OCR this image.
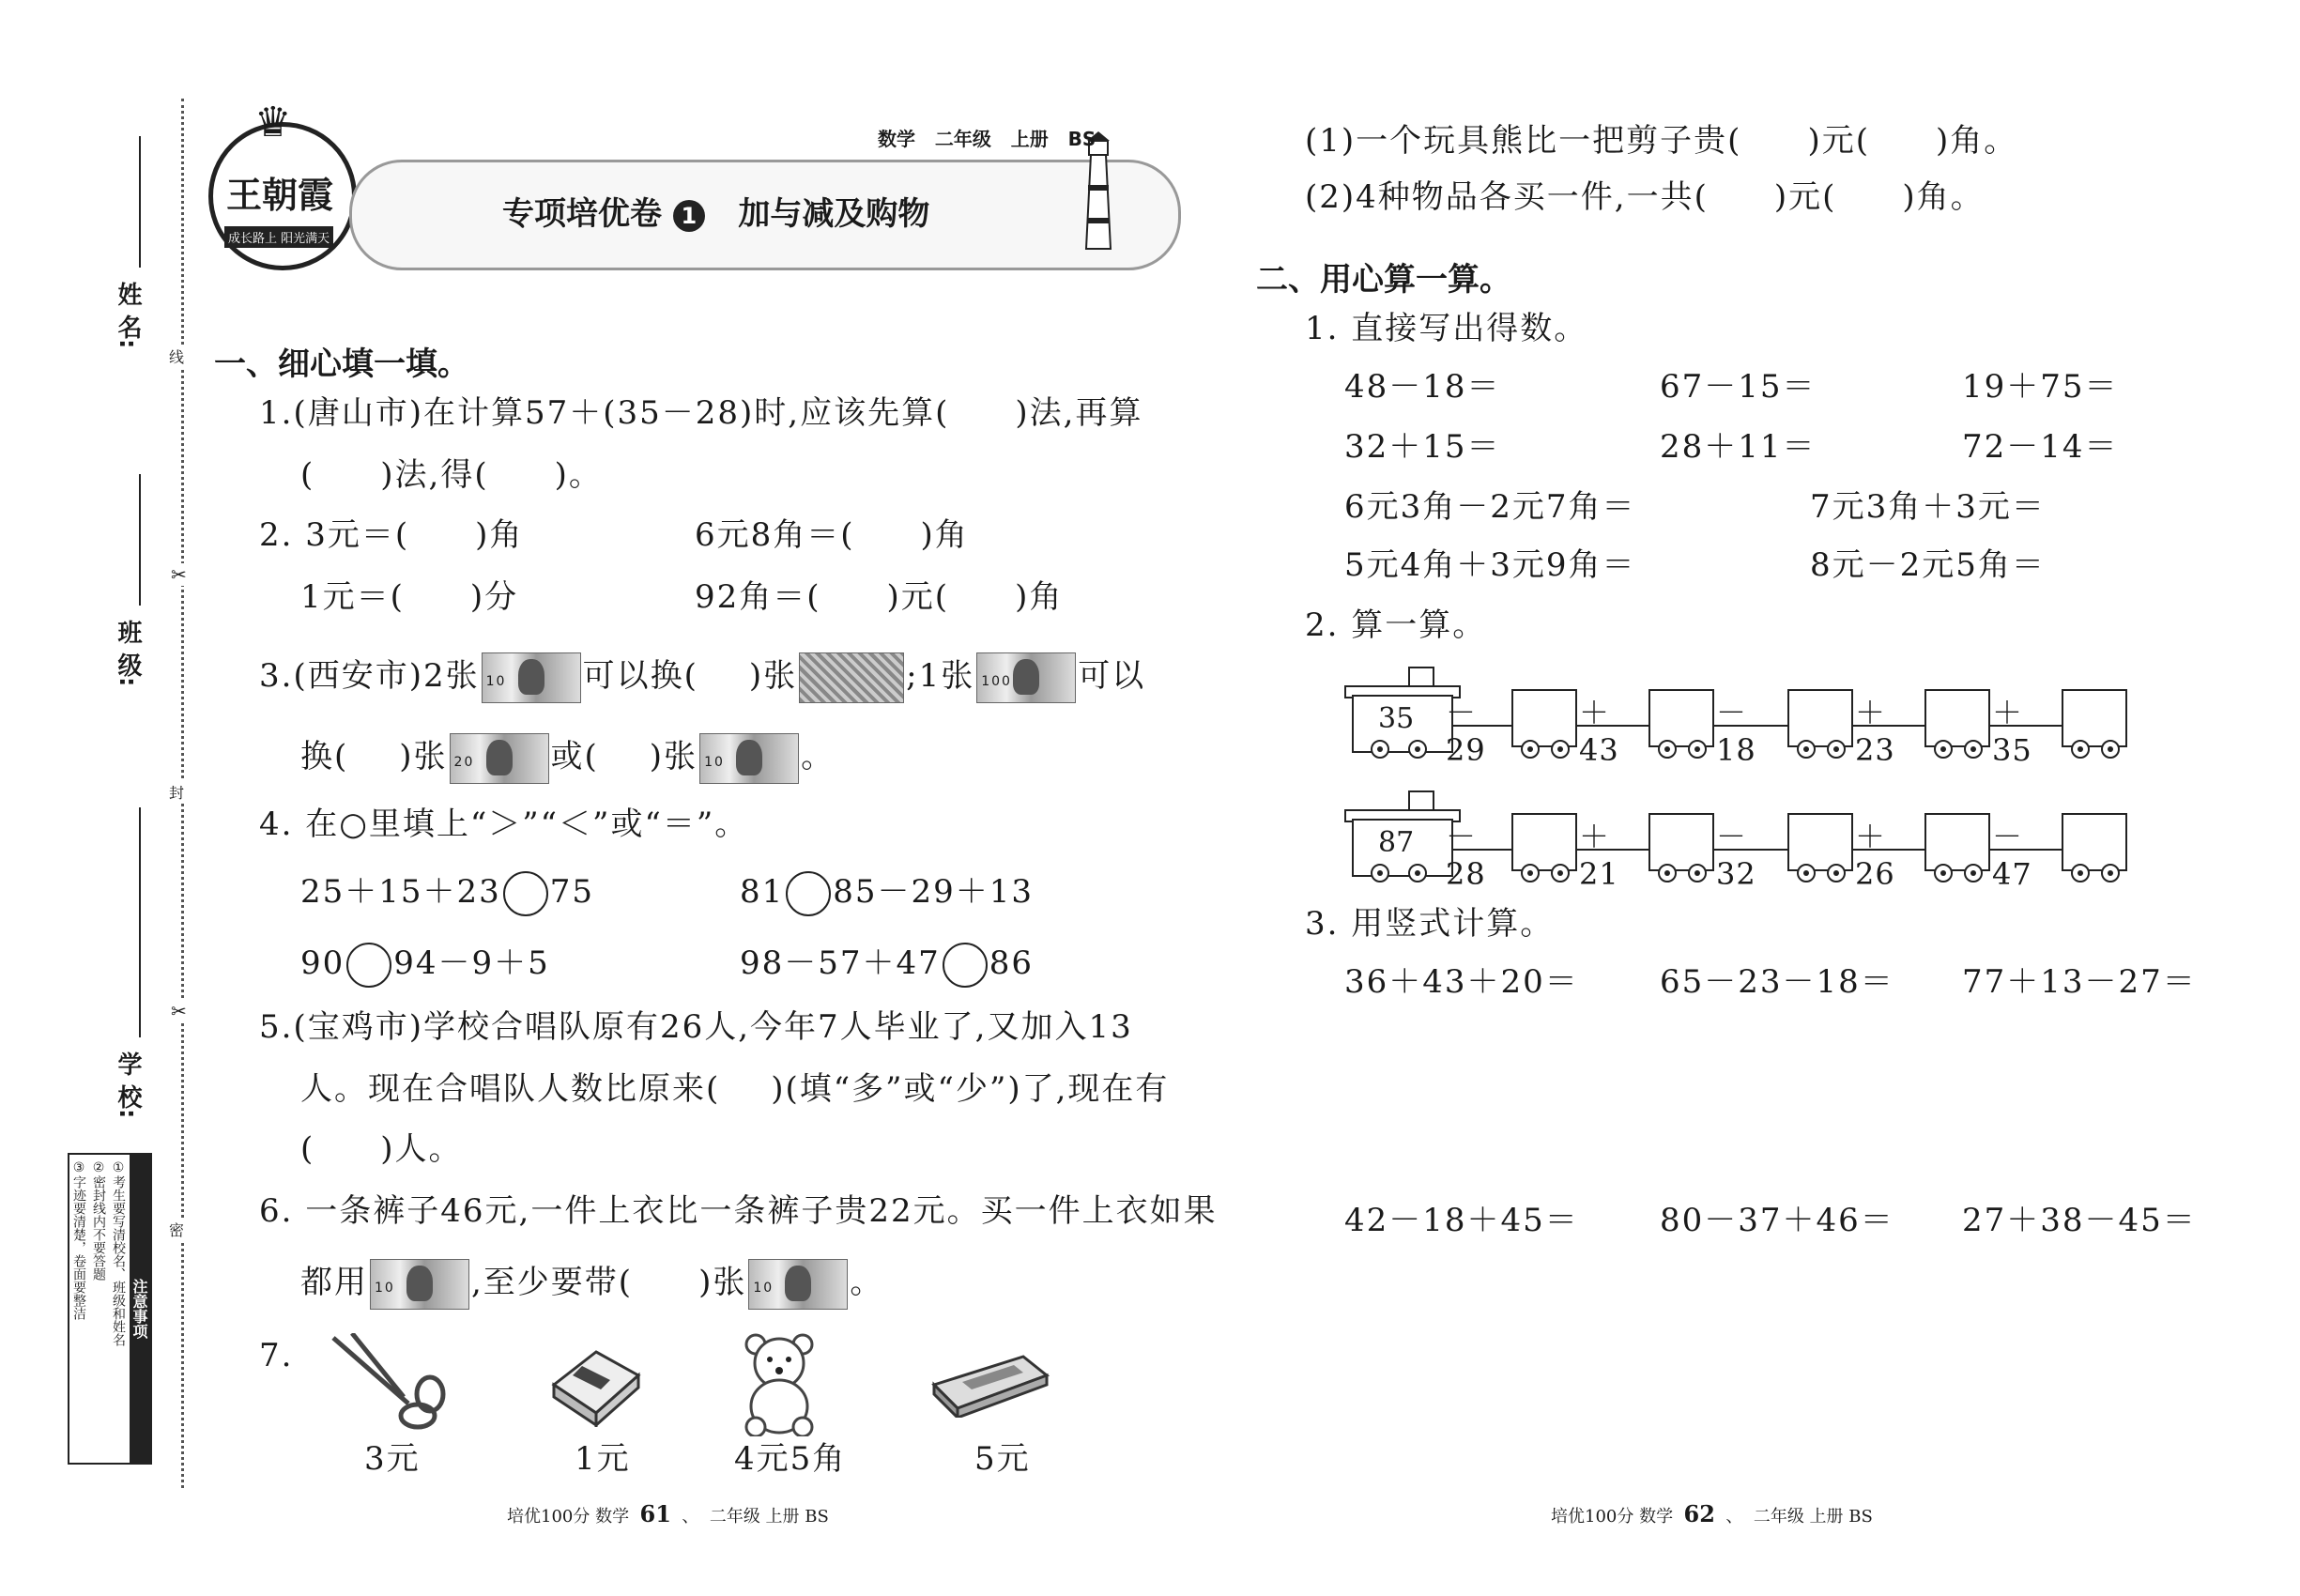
姓 名:
班 级:
学 校:
线
✂
封
✂
密
注意事项
①考生要写清校名、班级和姓名
②密封线内不要答题
③字迹要清楚，卷面要整洁
♛
王朝霞
成长路上 阳光满天
数学 二年级 上册 BS
专项培优卷 1 加与减及购物
一、细心填一填。
1.(唐山市)在计算57＋(35－28)时,应该先算( )法,再算
( )法,得( )。
2. 3元＝( )角	6元8角＝( )角
1元＝( )分	92角＝( )元( )角
3.(西安市)2张 10 可以换( )张	;1张 100 可以
换( )张 20 或( )张 10 。
4. 在○里填上“＞”“＜”或“＝”。
25＋15＋23 75	81 85－29＋13
90 94－9＋5	98－57＋47 86
5.(宝鸡市)学校合唱队原有26人,今年7人毕业了,又加入13
人。现在合唱队人数比原来( )(填“多”或“少”)了,现在有
( )人。
6. 一条裤子46元,一件上衣比一条裤子贵22元。买一件上衣如果
都用 10 ,至少要带( )张 10 。
7.
3元	1元	4元5角	5元
培优100分 数学 61  、  二年级 上册 BS
(1)一个玩具熊比一把剪子贵( )元( )角。
(2)4种物品各买一件,一共( )元( )角。
二、用心算一算。
1. 直接写出得数。
48－18＝	67－15＝	19＋75＝
32＋15＝	28＋11＝	72－14＝
6元3角－2元7角＝	7元3角＋3元＝
5元4角＋3元9角＝	8元－2元5角＝
2. 算一算。
35 －29
＋43
－18
＋23
＋35
87 －28
＋21
－32
＋26
－47
3. 用竖式计算。
36＋43＋20＝	65－23－18＝ 77＋13－27＝
42－18＋45＝	80－37＋46＝ 27＋38－45＝
培优100分 数学 62  、  二年级 上册 BS
